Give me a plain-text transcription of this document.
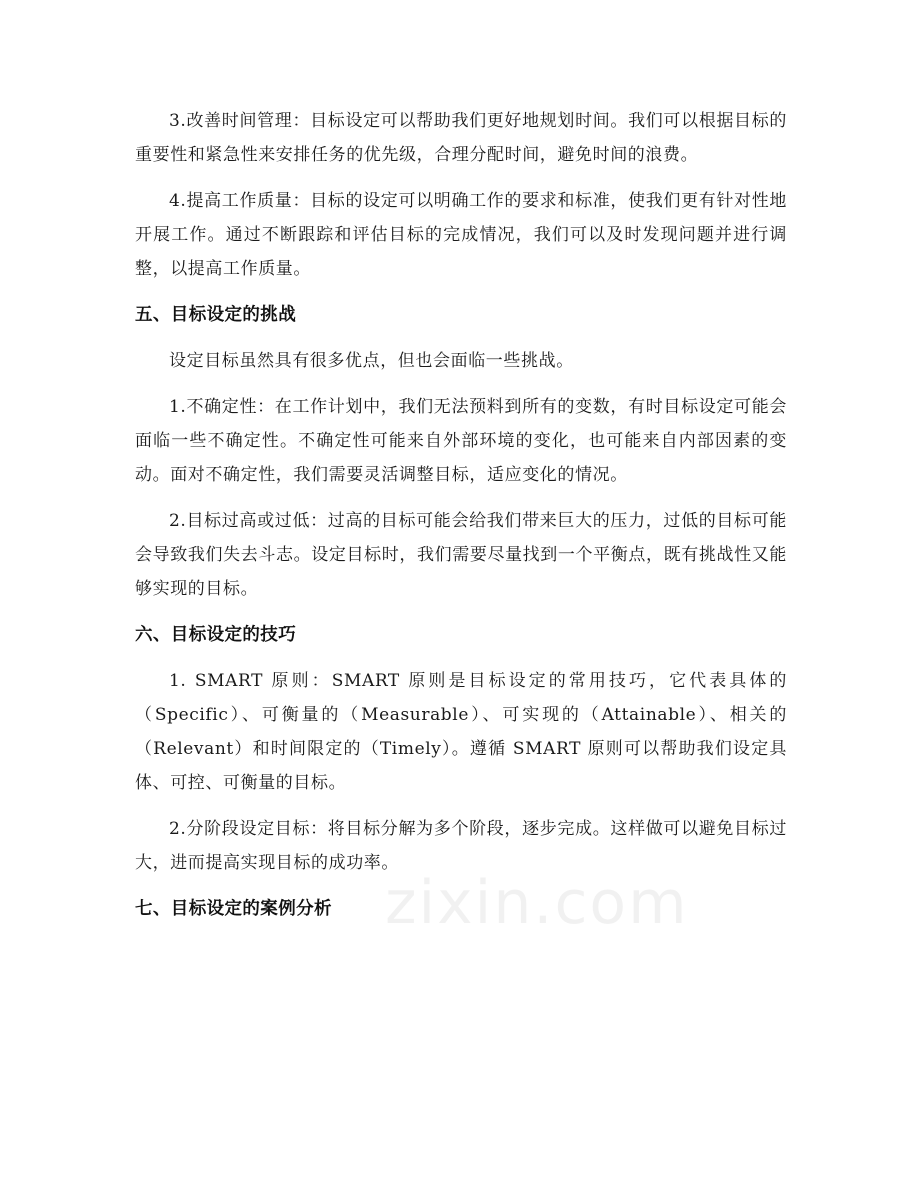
3.改善时间管理：目标设定可以帮助我们更好地规划时间。我们可以根据目标的重要性和紧急性来安排任务的优先级，合理分配时间，避免时间的浪费。

4.提高工作质量：目标的设定可以明确工作的要求和标准，使我们更有针对性地开展工作。通过不断跟踪和评估目标的完成情况，我们可以及时发现问题并进行调整，以提高工作质量。

五、目标设定的挑战

设定目标虽然具有很多优点，但也会面临一些挑战。

1.不确定性：在工作计划中，我们无法预料到所有的变数，有时目标设定可能会面临一些不确定性。不确定性可能来自外部环境的变化，也可能来自内部因素的变动。面对不确定性，我们需要灵活调整目标，适应变化的情况。

2.目标过高或过低：过高的目标可能会给我们带来巨大的压力，过低的目标可能会导致我们失去斗志。设定目标时，我们需要尽量找到一个平衡点，既有挑战性又能够实现的目标。

六、目标设定的技巧

1. SMART 原则：SMART 原则是目标设定的常用技巧，它代表具体的（Specific）、可衡量的（Measurable）、可实现的（Attainable）、相关的（Relevant）和时间限定的（Timely）。遵循 SMART 原则可以帮助我们设定具体、可控、可衡量的目标。

2.分阶段设定目标：将目标分解为多个阶段，逐步完成。这样做可以避免目标过大，进而提高实现目标的成功率。

七、目标设定的案例分析 zixin.com
